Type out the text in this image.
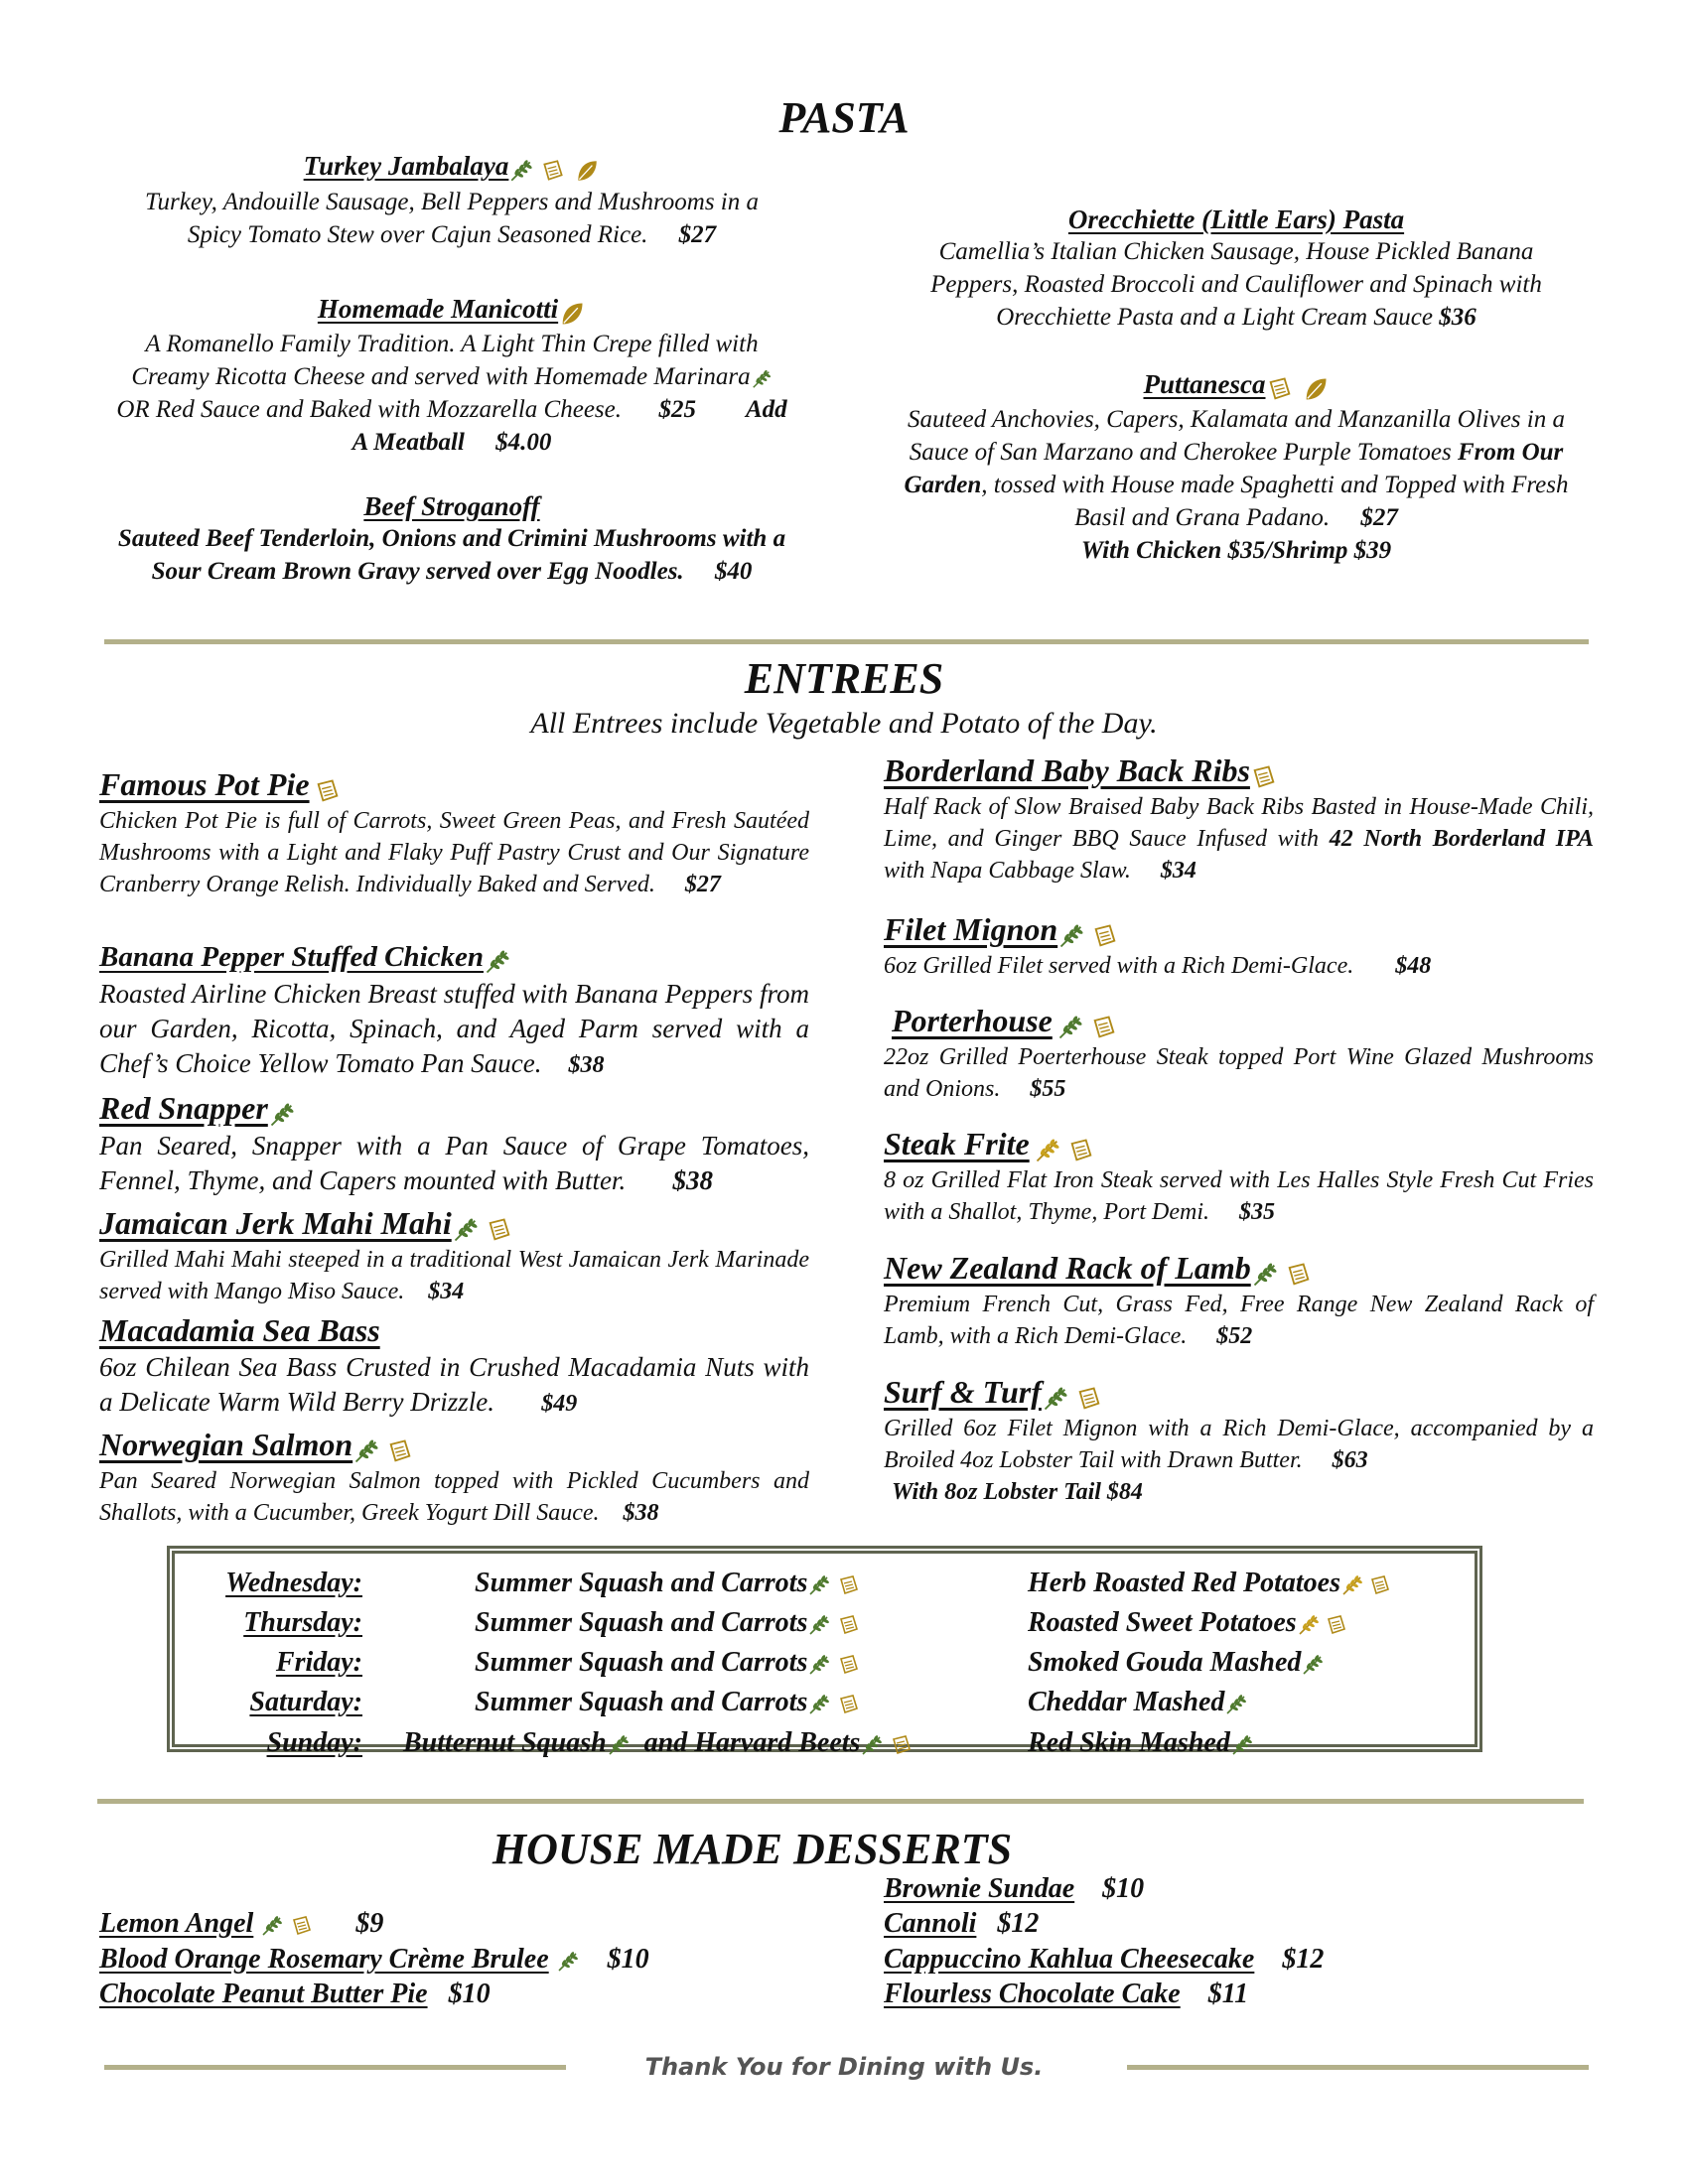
PASTA
Turkey Jambalaya
Turkey, Andouille Sausage, Bell Peppers and Mushrooms in a Spicy Tomato Stew over Cajun Seasoned Rice. $27
Homemade Manicotti
A Romanello Family Tradition. A Light Thin Crepe filled with
Creamy Ricotta Cheese and served with Homemade Marinara
OR Red Sauce and Baked with Mozzarella Cheese. $25 Add
A Meatball $4.00
Beef Stroganoff
Sauteed Beef Tenderloin, Onions and Crimini Mushrooms with a Sour Cream Brown Gravy served over Egg Noodles. $40
Orecchiette (Little Ears) Pasta
Camellia’s Italian Chicken Sausage, House Pickled Banana Peppers, Roasted Broccoli and Cauliflower and Spinach with Orecchiette Pasta and a Light Cream Sauce $36
Puttanesca
Sauteed Anchovies, Capers, Kalamata and Manzanilla Olives in a Sauce of San Marzano and Cherokee Purple Tomatoes From Our Garden, tossed with House made Spaghetti and Topped with Fresh Basil and Grana Padano. $27
With Chicken $35/Shrimp $39
ENTREES
All Entrees include Vegetable and Potato of the Day.
Famous Pot Pie
Chicken Pot Pie is full of Carrots, Sweet Green Peas, and Fresh Sautéed Mushrooms with a Light and Flaky Puff Pastry Crust and Our Signature Cranberry Orange Relish. Individually Baked and Served. $27
Banana Pepper Stuffed Chicken
Roasted Airline Chicken Breast stuffed with Banana Peppers from our Garden, Ricotta, Spinach, and Aged Parm served with a Chef’s Choice Yellow Tomato Pan Sauce. $38
Red Snapper
Pan Seared, Snapper with a Pan Sauce of Grape Tomatoes, Fennel, Thyme, and Capers mounted with Butter. $38
Jamaican Jerk Mahi Mahi
Grilled Mahi Mahi steeped in a traditional West Jamaican Jerk Marinade served with Mango Miso Sauce. $34
Macadamia Sea Bass
6oz Chilean Sea Bass Crusted in Crushed Macadamia Nuts with a Delicate Warm Wild Berry Drizzle. $49
Norwegian Salmon
Pan Seared Norwegian Salmon topped with Pickled Cucumbers and Shallots, with a Cucumber, Greek Yogurt Dill Sauce. $38
Borderland Baby Back Ribs
Half Rack of Slow Braised Baby Back Ribs Basted in House-Made Chili, Lime, and Ginger BBQ Sauce Infused with 42 North Borderland IPA with Napa Cabbage Slaw. $34
Filet Mignon
6oz Grilled Filet served with a Rich Demi-Glace. $48
Porterhouse
22oz Grilled Poerterhouse Steak topped Port Wine Glazed Mushrooms and Onions. $55
Steak Frite
8 oz Grilled Flat Iron Steak served with Les Halles Style Fresh Cut Fries with a Shallot, Thyme, Port Demi. $35
New Zealand Rack of Lamb
Premium French Cut, Grass Fed, Free Range New Zealand Rack of Lamb, with a Rich Demi-Glace. $52
Surf & Turf
Grilled 6oz Filet Mignon with a Rich Demi-Glace, accompanied by a Broiled 4oz Lobster Tail with Drawn Butter. $63
With 8oz Lobster Tail $84
Wednesday:
Thursday:
Friday:
Saturday:
Sunday:
Summer Squash and Carrots
Summer Squash and Carrots
Summer Squash and Carrots
Summer Squash and Carrots
Butternut Squash and Harvard Beets
Herb Roasted Red Potatoes
Roasted Sweet Potatoes
Smoked Gouda Mashed
Cheddar Mashed
Red Skin Mashed
HOUSE MADE DESSERTS
Lemon Angel	$9
Blood Orange Rosemary Crème Brulee $10
Chocolate Peanut Butter Pie $10
Brownie Sundae $10
Cannoli $12
Cappuccino Kahlua Cheesecake $12
Flourless Chocolate Cake $11
Thank You for Dining with Us.
